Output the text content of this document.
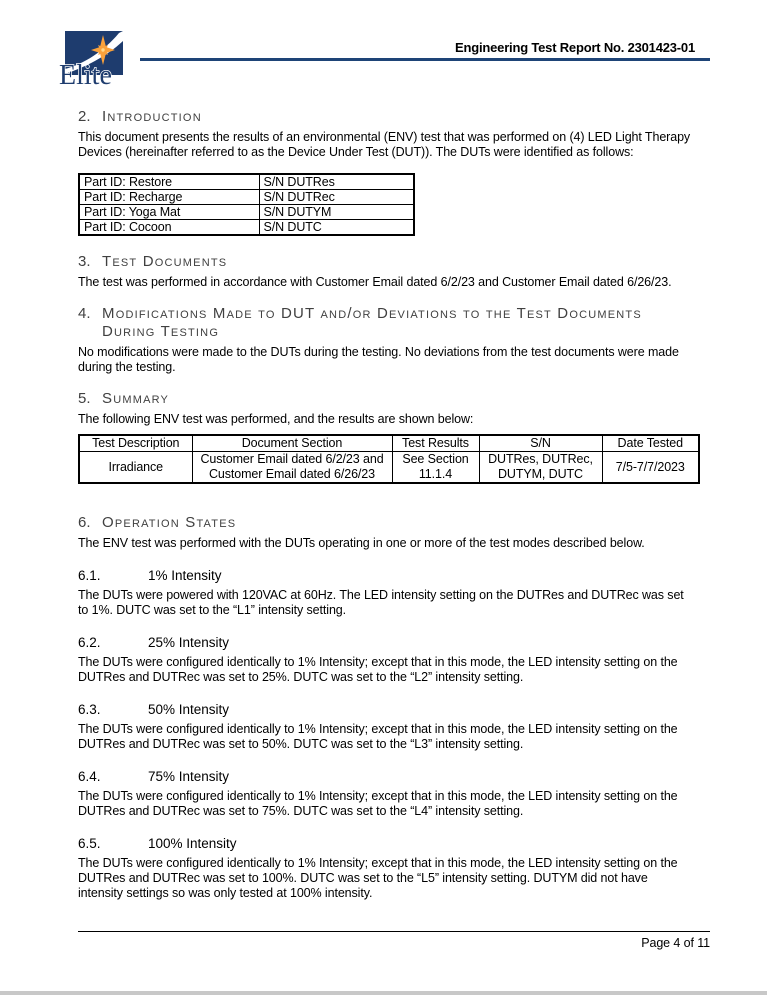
Elite
Engineering Test Report No. 2301423-01
2. Introduction
This document presents the results of an environmental (ENV) test that was performed on (4) LED Light Therapy Devices (hereinafter referred to as the Device Under Test (DUT)). The DUTs were identified as follows:
Part ID: Restore	S/N DUTRes
Part ID: Recharge	S/N DUTRec
Part ID: Yoga Mat	S/N DUTYM
Part ID: Cocoon	S/N DUTC
3. Test Documents
The test was performed in accordance with Customer Email dated 6/2/23 and Customer Email dated 6/26/23.
4. Modifications Made to DUT and/or Deviations to the Test Documents During Testing
No modifications were made to the DUTs during the testing. No deviations from the test documents were made during the testing.
5. Summary
The following ENV test was performed, and the results are shown below:
Test Description	Document Section	Test Results	S/N	Date Tested
Irradiance	Customer Email dated 6/2/23 and Customer Email dated 6/26/23	See Section 11.1.4	DUTRes, DUTRec, DUTYM, DUTC	7/5-7/7/2023
6. Operation States
The ENV test was performed with the DUTs operating in one or more of the test modes described below.
6.1.	1% Intensity
The DUTs were powered with 120VAC at 60Hz. The LED intensity setting on the DUTRes and DUTRec was set to 1%. DUTC was set to the “L1” intensity setting.
6.2.	25% Intensity
The DUTs were configured identically to 1% Intensity; except that in this mode, the LED intensity setting on the DUTRes and DUTRec was set to 25%. DUTC was set to the “L2” intensity setting.
6.3.	50% Intensity
The DUTs were configured identically to 1% Intensity; except that in this mode, the LED intensity setting on the DUTRes and DUTRec was set to 50%. DUTC was set to the “L3” intensity setting.
6.4.	75% Intensity
The DUTs were configured identically to 1% Intensity; except that in this mode, the LED intensity setting on the DUTRes and DUTRec was set to 75%. DUTC was set to the “L4” intensity setting.
6.5.	100% Intensity
The DUTs were configured identically to 1% Intensity; except that in this mode, the LED intensity setting on the DUTRes and DUTRec was set to 100%. DUTC was set to the “L5” intensity setting. DUTYM did not have intensity settings so was only tested at 100% intensity.
Page 4 of 11
